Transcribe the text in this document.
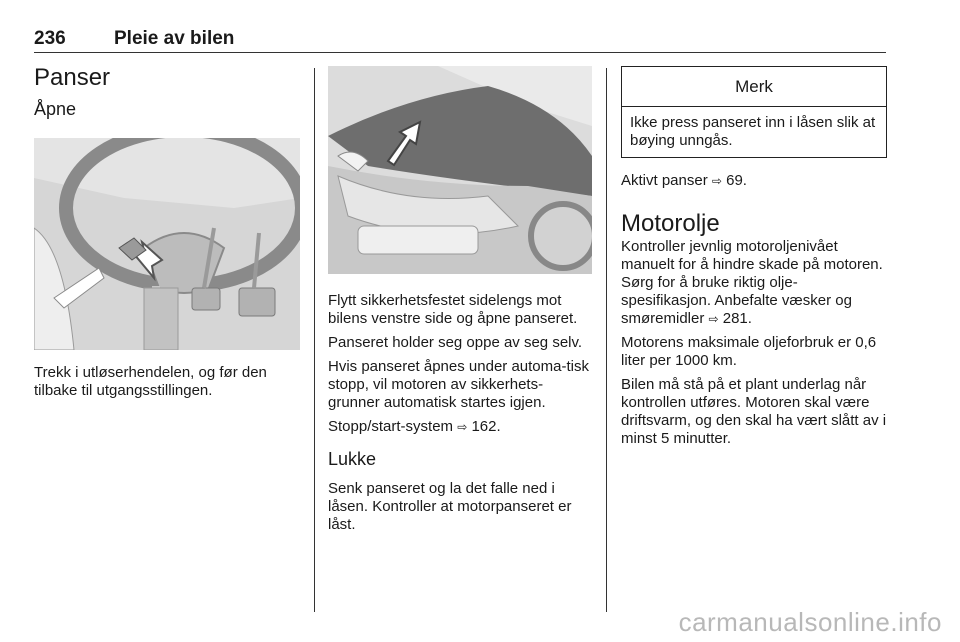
236	Pleie av bilen
Panser
Åpne

Trekk i utløserhendelen, og før den tilbake til utgangsstillingen.

Flytt sikkerhetsfestet sidelengs mot bilens venstre side og åpne panseret.

Panseret holder seg oppe av seg selv.

Hvis panseret åpnes under automa-tisk stopp, vil motoren av sikkerhets-grunner automatisk startes igjen.

Stopp/start-system ⇨ 162.

Lukke

Senk panseret og la det falle ned i låsen. Kontroller at motorpanseret er låst.

Merk
Ikke press panseret inn i låsen slik at bøying unngås.

Aktivt panser ⇨ 69.

Motorolje

Kontroller jevnlig motoroljenivået manuelt for å hindre skade på motoren. Sørg for å bruke riktig olje-spesifikasjon. Anbefalte væsker og smøremidler ⇨ 281.

Motorens maksimale oljeforbruk er 0,6 liter per 1000 km.

Bilen må stå på et plant underlag når kontrollen utføres. Motoren skal være driftsvarm, og den skal ha vært slått av i minst 5 minutter.

carmanualsonline.info
